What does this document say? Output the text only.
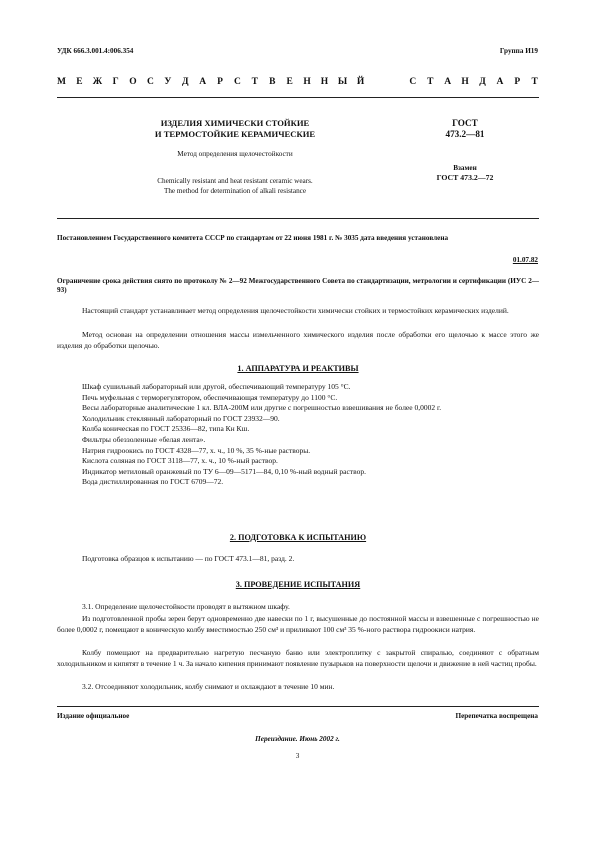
УДК 666.3.001.4:006.354	Группа И19
М Е Ж Г О С У Д А Р С Т В Е Н Н Ы Й	С Т А Н Д А Р Т
ИЗДЕЛИЯ ХИМИЧЕСКИ СТОЙКИЕ
И ТЕРМОСТОЙКИЕ КЕРАМИЧЕСКИЕ
Метод определения щелочестойкости
Chemically resistant and heat resistant ceramic wears.
The method for determination of alkali resistance
ГОСТ
473.2—81
Взамен
ГОСТ 473.2—72
Постановлением Государственного комитета СССР по стандартам от 22 июня 1981 г. № 3035 дата введения установлена
01.07.82
Ограничение срока действия снято по протоколу № 2—92 Межгосударственного Совета по стандартизации, метрологии и сертификации (ИУС 2—93)
Настоящий стандарт устанавливает метод определения щелочестойкости химически стойких и термостойких керамических изделий.
Метод основан на определении отношения массы измельченного химического изделия после обработки его щелочью к массе этого же изделия до обработки щелочью.
1. АППАРАТУРА И РЕАКТИВЫ
Шкаф сушильный лабораторный или другой, обеспечивающий температуру 105 °С.
Печь муфельная с терморегулятором, обеспечивающая температуру до 1100 °С.
Весы лабораторные аналитические 1 кл. ВЛА-200М или другие с погрешностью взвешивания не более 0,0002 г.
Холодильник стеклянный лабораторный по ГОСТ 23932—90.
Колба коническая по ГОСТ 25336—82, типа Кн Кш.
Фильтры обеззоленные «белая лента».
Натрия гидроокись по ГОСТ 4328—77, х. ч., 10 %, 35 %-ные растворы.
Кислота соляная по ГОСТ 3118—77, х. ч., 10 %-ный раствор.
Индикатор метиловый оранжевый по ТУ 6—09—5171—84, 0,10 %-ный водный раствор.
Вода дистиллированная по ГОСТ 6709—72.
2. ПОДГОТОВКА К ИСПЫТАНИЮ
Подготовка образцов к испытанию — по ГОСТ 473.1—81, разд. 2.
3. ПРОВЕДЕНИЕ ИСПЫТАНИЯ
3.1. Определение щелочестойкости проводят в вытяжном шкафу.
Из подготовленной пробы зерен берут одновременно две навески по 1 г, высушенные до постоянной массы и взвешенные с погрешностью не более 0,0002 г, помещают в коническую колбу вместимостью 250 см³ и приливают 100 см³ 35 %-ного раствора гидроокиси натрия.
Колбу помещают на предварительно нагретую песчаную баню или электроплитку с закрытой спиралью, соединяют с обратным холодильником и кипятят в течение 1 ч. За начало кипения принимают появление пузырьков на поверхности щелочи и движение в ней частиц пробы.
3.2. Отсоединяют холодильник, колбу снимают и охлаждают в течение 10 мин.
Издание официальное	Перепечатка воспрещена
Переиздание. Июнь 2002 г.
3
